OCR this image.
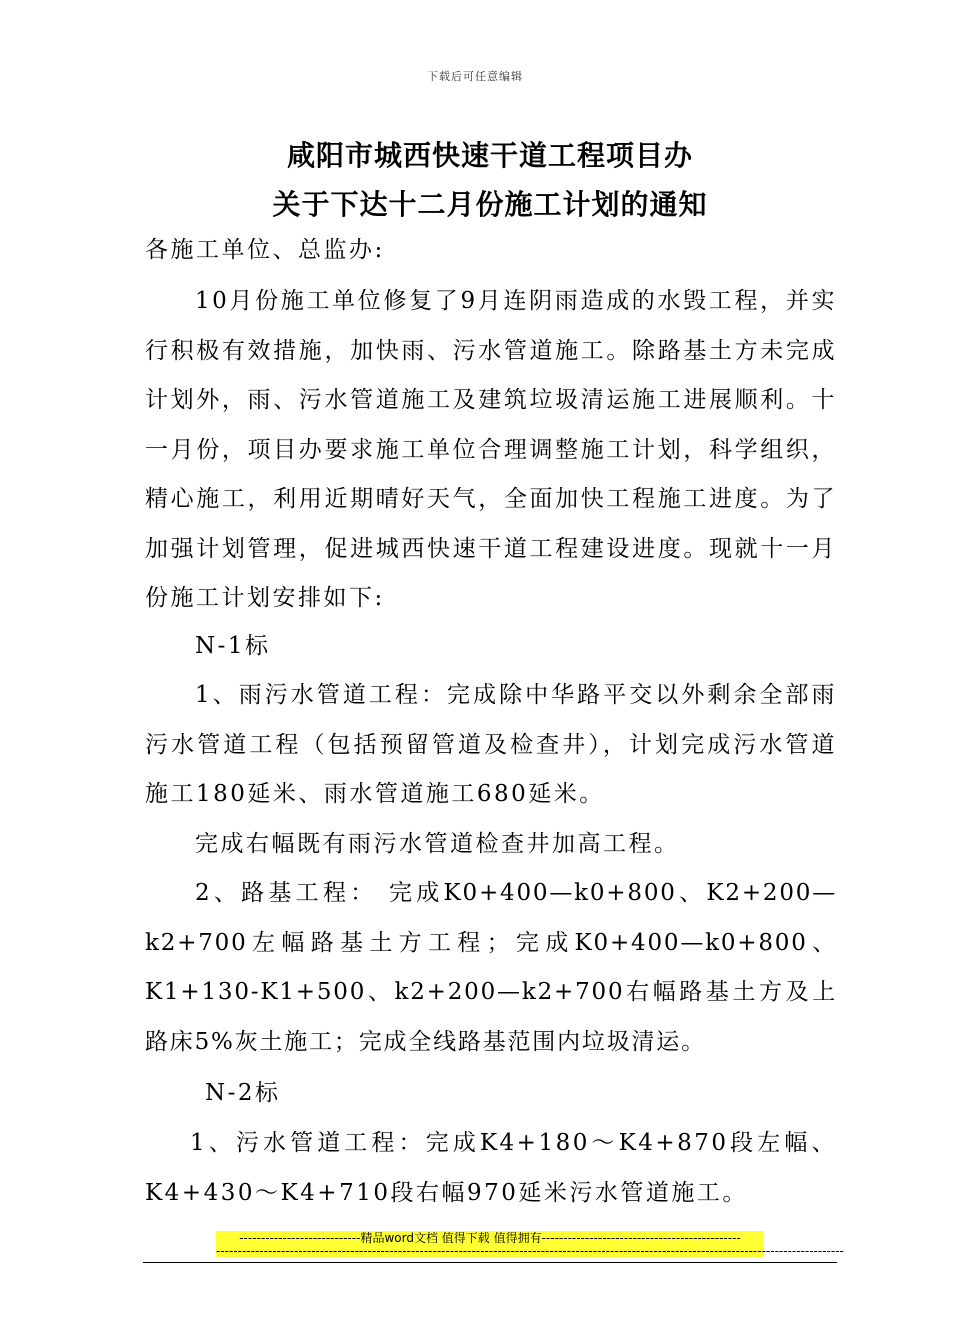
下载后可任意编辑
咸阳市城西快速干道工程项目办
关于下达十二月份施工计划的通知

各施工单位、总监办:

10月份施工单位修复了9月连阴雨造成的水毁工程，并实行积极有效措施，加快雨、污水管道施工。除路基土方未完成计划外，雨、污水管道施工及建筑垃圾清运施工进展顺利。十一月份，项目办要求施工单位合理调整施工计划，科学组织，精心施工，利用近期晴好天气，全面加快工程施工进度。为了加强计划管理，促进城西快速干道工程建设进度。现就十一月份施工计划安排如下:

N-1标

1、雨污水管道工程：完成除中华路平交以外剩余全部雨污水管道工程（包括预留管道及检查井），计划完成污水管道施工180延米、雨水管道施工680延米。

完成右幅既有雨污水管道检查井加高工程。

2、路基工程： 完成K0+400—k0+800、K2+200—k2+700左幅路基土方工程；完成K0+400—k0+800、K1+130-K1+500、k2+200—k2+700右幅路基土方及上路床5%灰土施工；完成全线路基范围内垃圾清运。

N-2标

1、污水管道工程：完成K4+180～K4+870段左幅、K4+430～K4+710段右幅970延米污水管道施工。

----------------------------精品word文档 值得下载 值得拥有----------------------------------------------
-------------------------------------------------------------------------------------------------------------------------------------------------
